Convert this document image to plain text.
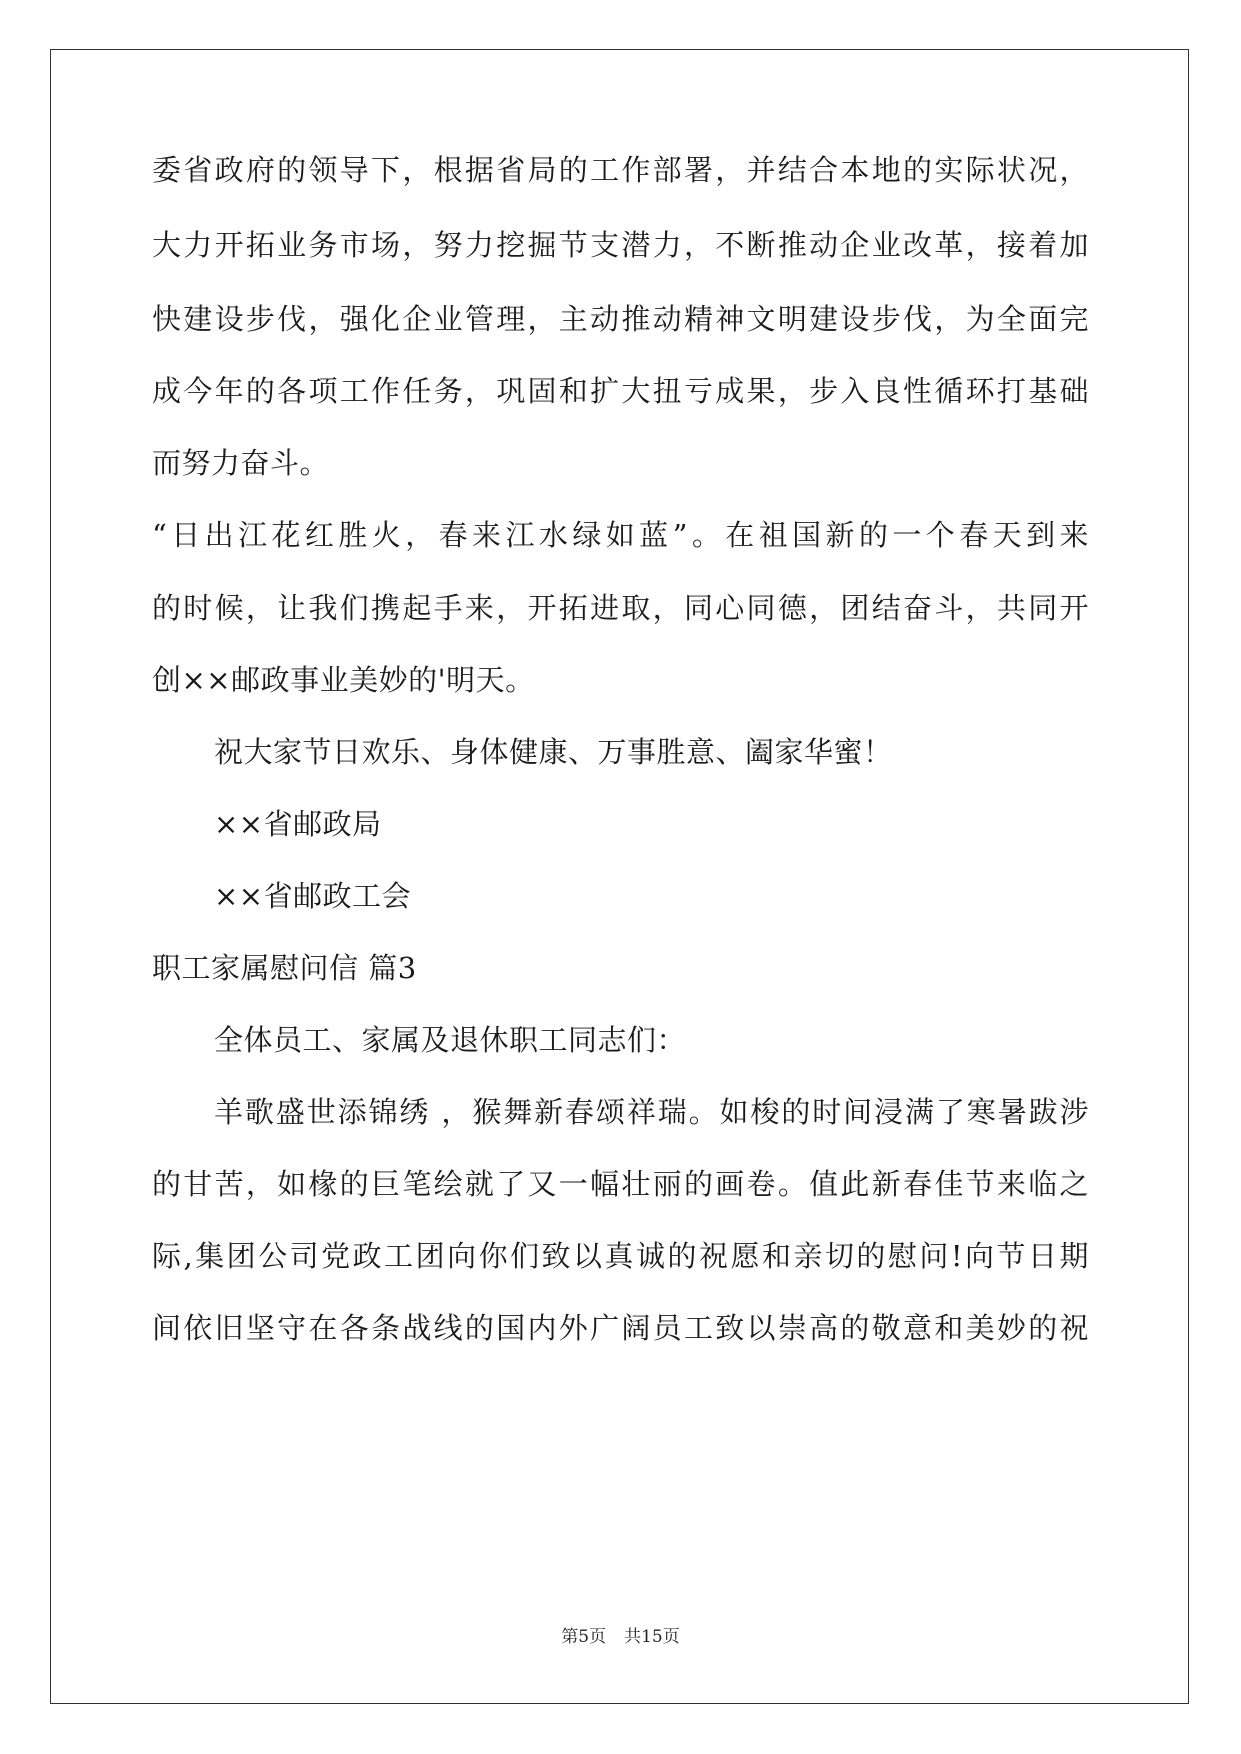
委省政府的领导下，根据省局的工作部署，并结合本地的实际状况，
大力开拓业务市场，努力挖掘节支潜力，不断推动企业改革，接着加
快建设步伐，强化企业管理，主动推动精神文明建设步伐，为全面完
成今年的各项工作任务，巩固和扩大扭亏成果，步入良性循环打基础
而努力奋斗。
“日出江花红胜火，春来江水绿如蓝”。在祖国新的一个春天到来
的时候，让我们携起手来，开拓进取，同心同德，团结奋斗，共同开
创××邮政事业美妙的'明天。
祝大家节日欢乐、身体健康、万事胜意、阖家华蜜！
××省邮政局
××省邮政工会
职工家属慰问信 篇3
全体员工、家属及退休职工同志们：
羊歌盛世添锦绣 ，猴舞新春颂祥瑞。如梭的时间浸满了寒暑跋涉
的甘苦，如椽的巨笔绘就了又一幅壮丽的画卷。值此新春佳节来临之
际,集团公司党政工团向你们致以真诚的祝愿和亲切的慰问!向节日期
间依旧坚守在各条战线的国内外广阔员工致以崇高的敬意和美妙的祝
第5页 共15页
